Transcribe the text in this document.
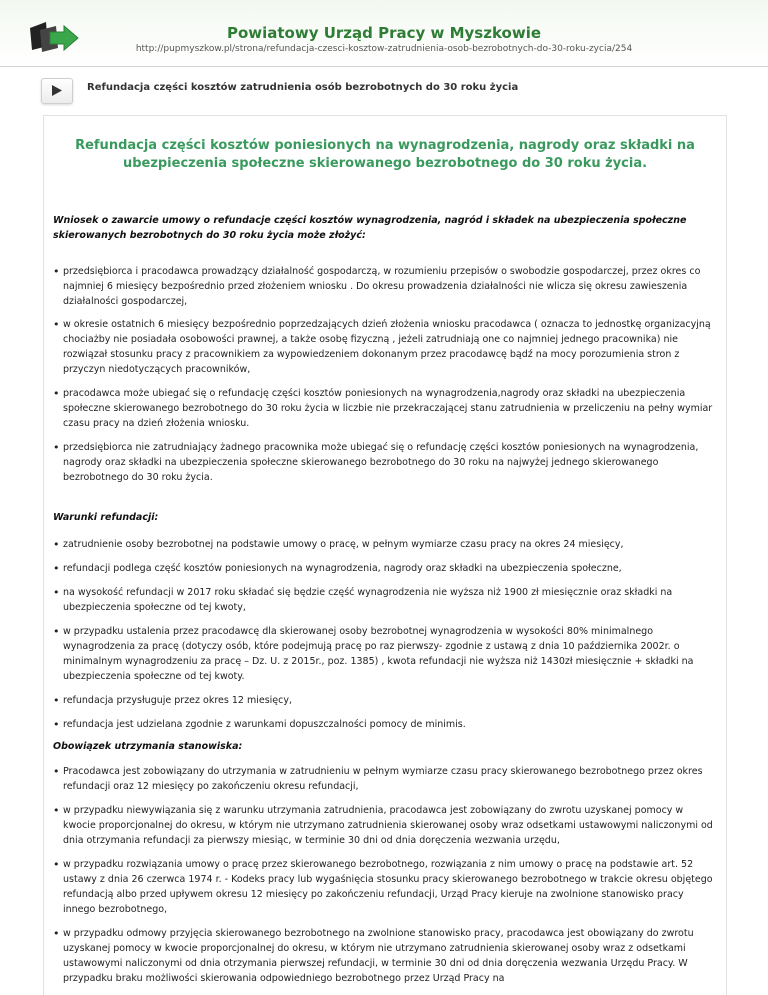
Powiatowy Urząd Pracy w Myszkowie
http://pupmyszkow.pl/strona/refundacja-czesci-kosztow-zatrudnienia-osob-bezrobotnych-do-30-roku-zycia/254
Refundacja części kosztów zatrudnienia osób bezrobotnych do 30 roku życia
Refundacja części kosztów poniesionych na wynagrodzenia, nagrody oraz składki na ubezpieczenia społeczne skierowanego bezrobotnego do 30 roku życia.
Wniosek o zawarcie umowy o refundacje części kosztów wynagrodzenia, nagród i składek na ubezpieczenia społeczne skierowanych bezrobotnych do 30 roku życia może złożyć:
• przedsiębiorca i pracodawca prowadzący działalność gospodarczą, w rozumieniu przepisów o swobodzie gospodarczej, przez okres co najmniej 6 miesięcy bezpośrednio przed złożeniem wniosku . Do okresu prowadzenia działalności nie wlicza się okresu zawieszenia działalności gospodarczej,
• w okresie ostatnich 6 miesięcy bezpośrednio poprzedzających dzień złożenia wniosku pracodawca ( oznacza to jednostkę organizacyjną chociażby nie posiadała osobowości prawnej, a także osobę fizyczną , jeżeli zatrudniają one co najmniej jednego pracownika) nie rozwiązał stosunku pracy z pracownikiem za wypowiedzeniem dokonanym przez pracodawcę bądź na mocy porozumienia stron z przyczyn niedotyczących pracowników,
• pracodawca może ubiegać się o refundację części kosztów poniesionych na wynagrodzenia,nagrody oraz składki na ubezpieczenia społeczne skierowanego bezrobotnego do 30 roku życia w liczbie nie przekraczającej stanu zatrudnienia w przeliczeniu na pełny wymiar czasu pracy na dzień złożenia wniosku.
• przedsiębiorca nie zatrudniający żadnego pracownika może ubiegać się o refundację części kosztów poniesionych na wynagrodzenia, nagrody oraz składki na ubezpieczenia społeczne skierowanego bezrobotnego do 30 roku na najwyżej jednego skierowanego bezrobotnego do 30 roku życia.
Warunki refundacji:
• zatrudnienie osoby bezrobotnej na podstawie umowy o pracę, w pełnym wymiarze czasu pracy na okres 24 miesięcy,
• refundacji podlega część kosztów poniesionych na wynagrodzenia, nagrody oraz składki na ubezpieczenia społeczne,
• na wysokość refundacji w 2017 roku składać się będzie część wynagrodzenia nie wyższa niż 1900 zł miesięcznie oraz składki na ubezpieczenia społeczne od tej kwoty,
• w przypadku ustalenia przez pracodawcę dla skierowanej osoby bezrobotnej wynagrodzenia w wysokości 80% minimalnego wynagrodzenia za pracę (dotyczy osób, które podejmują pracę po raz pierwszy- zgodnie z ustawą z dnia 10 października 2002r. o minimalnym wynagrodzeniu za pracę – Dz. U. z 2015r., poz. 1385) , kwota refundacji nie wyższa niż 1430zł miesięcznie + składki na ubezpieczenia społeczne od tej kwoty.
• refundacja przysługuje przez okres 12 miesięcy,
• refundacja jest udzielana zgodnie z warunkami dopuszczalności pomocy de minimis.
Obowiązek utrzymania stanowiska:
• Pracodawca jest zobowiązany do utrzymania w zatrudnieniu w pełnym wymiarze czasu pracy skierowanego bezrobotnego przez okres refundacji oraz 12 miesięcy po zakończeniu okresu refundacji,
• w przypadku niewywiązania się z warunku utrzymania zatrudnienia, pracodawca jest zobowiązany do zwrotu uzyskanej pomocy w kwocie proporcjonalnej do okresu, w którym nie utrzymano zatrudnienia skierowanej osoby wraz odsetkami ustawowymi naliczonymi od dnia otrzymania refundacji za pierwszy miesiąc, w terminie 30 dni od dnia doręczenia wezwania urzędu,
• w przypadku rozwiązania umowy o pracę przez skierowanego bezrobotnego, rozwiązania z nim umowy o pracę na podstawie art. 52 ustawy z dnia 26 czerwca 1974 r. - Kodeks pracy lub wygaśnięcia stosunku pracy skierowanego bezrobotnego w trakcie okresu objętego refundacją albo przed upływem okresu 12 miesięcy po zakończeniu refundacji, Urząd Pracy kieruje na zwolnione stanowisko pracy innego bezrobotnego,
• w przypadku odmowy przyjęcia skierowanego bezrobotnego na zwolnione stanowisko pracy, pracodawca jest obowiązany do zwrotu uzyskanej pomocy w kwocie proporcjonalnej do okresu, w którym nie utrzymano zatrudnienia skierowanej osoby wraz z odsetkami ustawowymi naliczonymi od dnia otrzymania pierwszej refundacji, w terminie 30 dni od dnia doręczenia wezwania Urzędu Pracy. W przypadku braku możliwości skierowania odpowiedniego bezrobotnego przez Urząd Pracy na
